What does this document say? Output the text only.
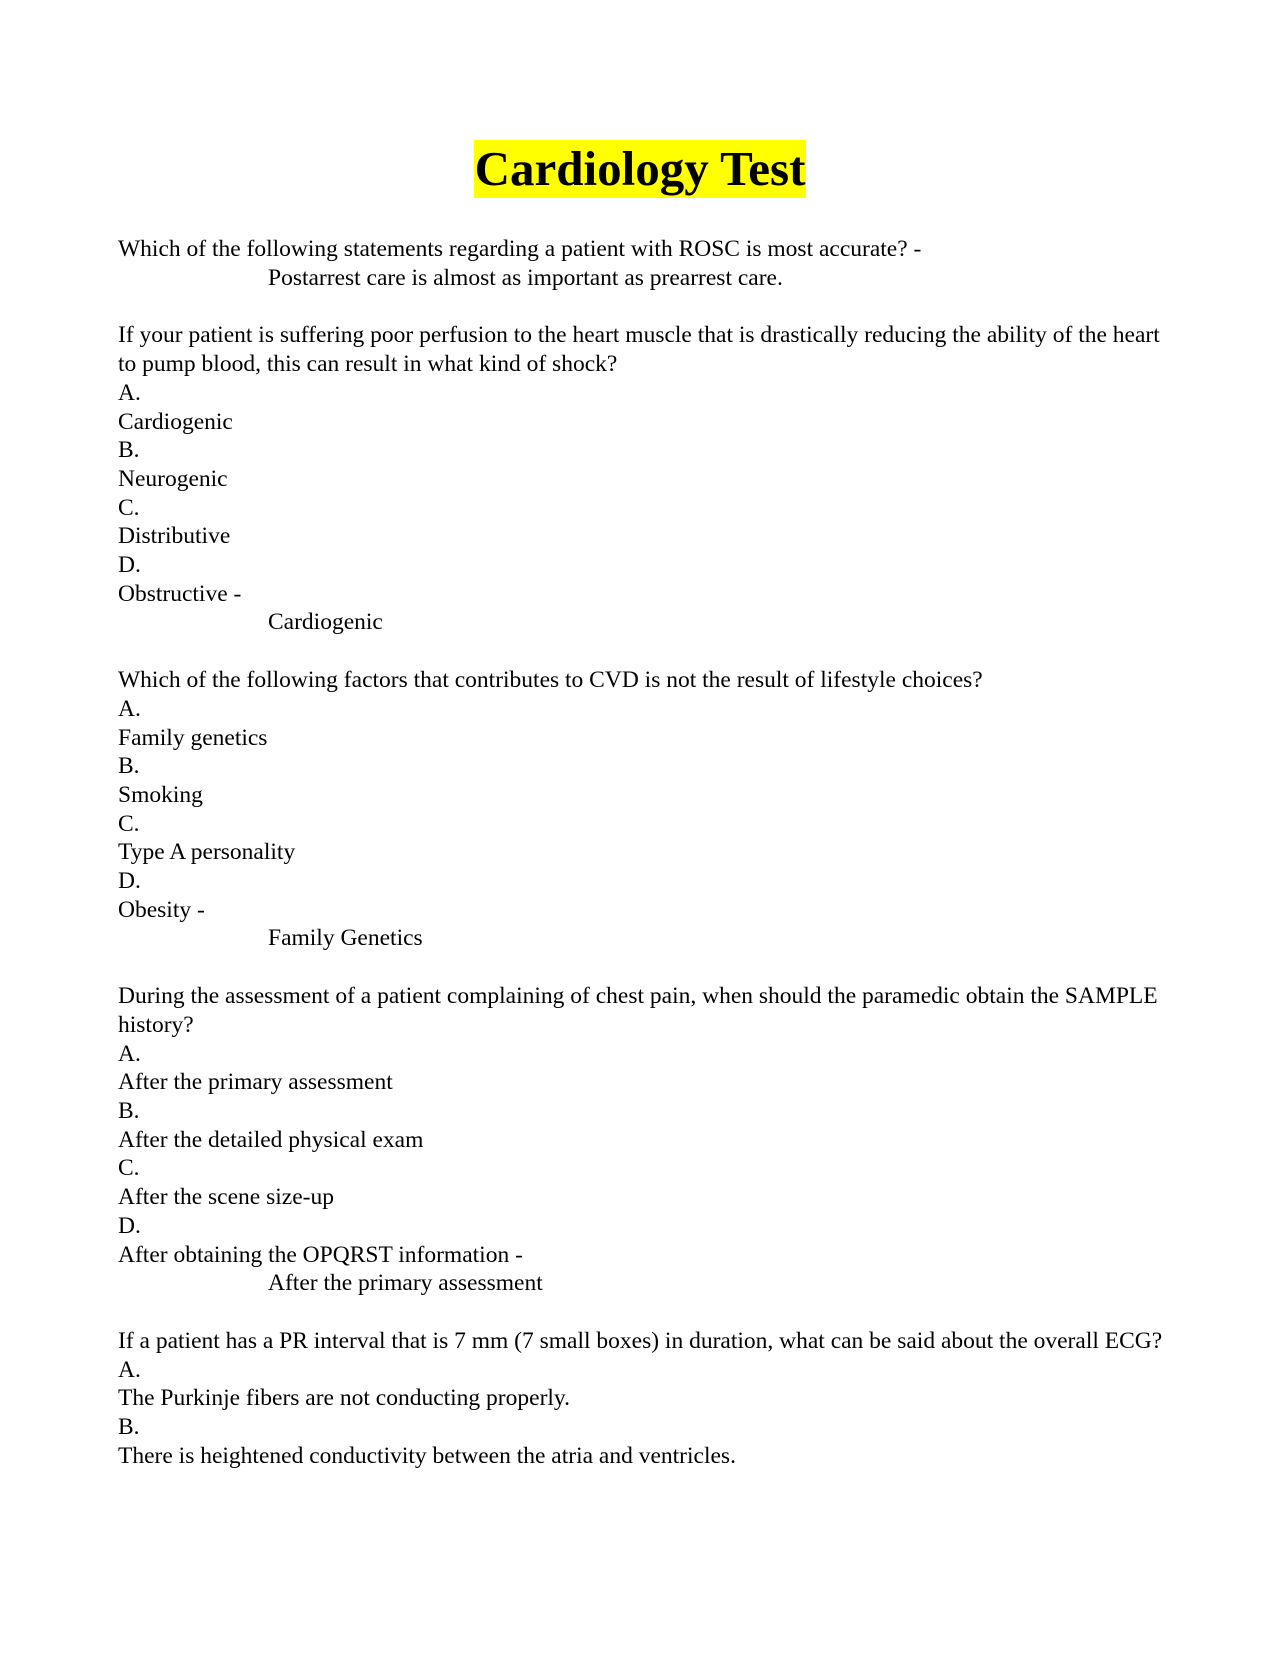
Cardiology Test
Which of the following statements regarding a patient with ROSC is most accurate? -
Postarrest care is almost as important as prearrest care.
If your patient is suffering poor perfusion to the heart muscle that is drastically reducing the ability of the heart to pump blood, this can result in what kind of shock?
A.
Cardiogenic
B.
Neurogenic
C.
Distributive
D.
Obstructive -
Cardiogenic
Which of the following factors that contributes to CVD is not the result of lifestyle choices?
A.
Family genetics
B.
Smoking
C.
Type A personality
D.
Obesity -
Family Genetics
During the assessment of a patient complaining of chest pain, when should the paramedic obtain the SAMPLE history?
A.
After the primary assessment
B.
After the detailed physical exam
C.
After the scene size-up
D.
After obtaining the OPQRST information -
After the primary assessment
If a patient has a PR interval that is 7 mm (7 small boxes) in duration, what can be said about the overall ECG?
A.
The Purkinje fibers are not conducting properly.
B.
There is heightened conductivity between the atria and ventricles.
